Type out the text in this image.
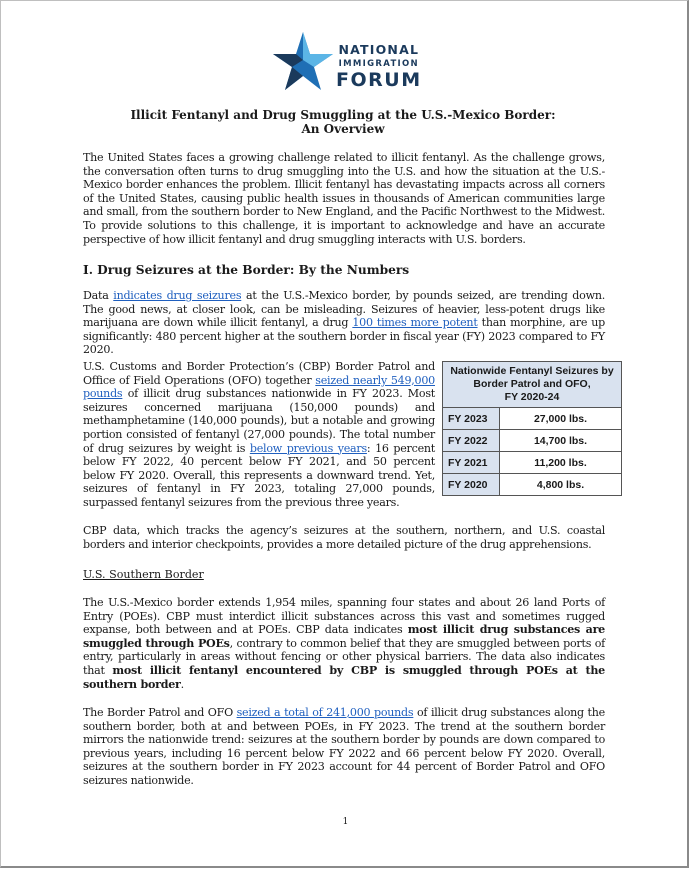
NATIONAL
IMMIGRATION
FORUM
Illicit Fentanyl and Drug Smuggling at the U.S.-Mexico Border:
An Overview

The United States faces a growing challenge related to illicit fentanyl. As the challenge grows, the conversation often turns to drug smuggling into the U.S. and how the situation at the U.S.-Mexico border enhances the problem. Illicit fentanyl has devastating impacts across all corners of the United States, causing public health issues in thousands of American communities large and small, from the southern border to New England, and the Pacific Northwest to the Midwest. To provide solutions to this challenge, it is important to acknowledge and have an accurate perspective of how illicit fentanyl and drug smuggling interacts with U.S. borders.

I. Drug Seizures at the Border: By the Numbers

Data indicates drug seizures at the U.S.-Mexico border, by pounds seized, are trending down. The good news, at closer look, can be misleading. Seizures of heavier, less-potent drugs like marijuana are down while illicit fentanyl, a drug 100 times more potent than morphine, are up significantly: 480 percent higher at the southern border in fiscal year (FY) 2023 compared to FY 2020.

U.S. Customs and Border Protection’s (CBP) Border Patrol and Office of Field Operations (OFO) together seized nearly 549,000 pounds of illicit drug substances nationwide in FY 2023. Most seizures concerned marijuana (150,000 pounds) and methamphetamine (140,000 pounds), but a notable and growing portion consisted of fentanyl (27,000 pounds). The total number of drug seizures by weight is below previous years: 16 percent below FY 2022, 40 percent below FY 2021, and 50 percent below FY 2020. Overall, this represents a downward trend. Yet, seizures of fentanyl in FY 2023, totaling 27,000 pounds, surpassed fentanyl seizures from the previous three years.

Nationwide Fentanyl Seizures by
Border Patrol and OFO,
FY 2020-24	

FY 2023	27,000 lbs.
FY 2022	14,700 lbs.
FY 2021	11,200 lbs.
FY 2020	4,800 lbs.

CBP data, which tracks the agency’s seizures at the southern, northern, and U.S. coastal borders and interior checkpoints, provides a more detailed picture of the drug apprehensions.

U.S. Southern Border

The U.S.-Mexico border extends 1,954 miles, spanning four states and about 26 land Ports of Entry (POEs). CBP must interdict illicit substances across this vast and sometimes rugged expanse, both between and at POEs. CBP data indicates most illicit drug substances are smuggled through POEs, contrary to common belief that they are smuggled between ports of entry, particularly in areas without fencing or other physical barriers. The data also indicates that most illicit fentanyl encountered by CBP is smuggled through POEs at the southern border.

The Border Patrol and OFO seized a total of 241,000 pounds of illicit drug substances along the southern border, both at and between POEs, in FY 2023. The trend at the southern border mirrors the nationwide trend: seizures at the southern border by pounds are down compared to previous years, including 16 percent below FY 2022 and 66 percent below FY 2020. Overall, seizures at the southern border in FY 2023 account for 44 percent of Border Patrol and OFO seizures nationwide.

1
